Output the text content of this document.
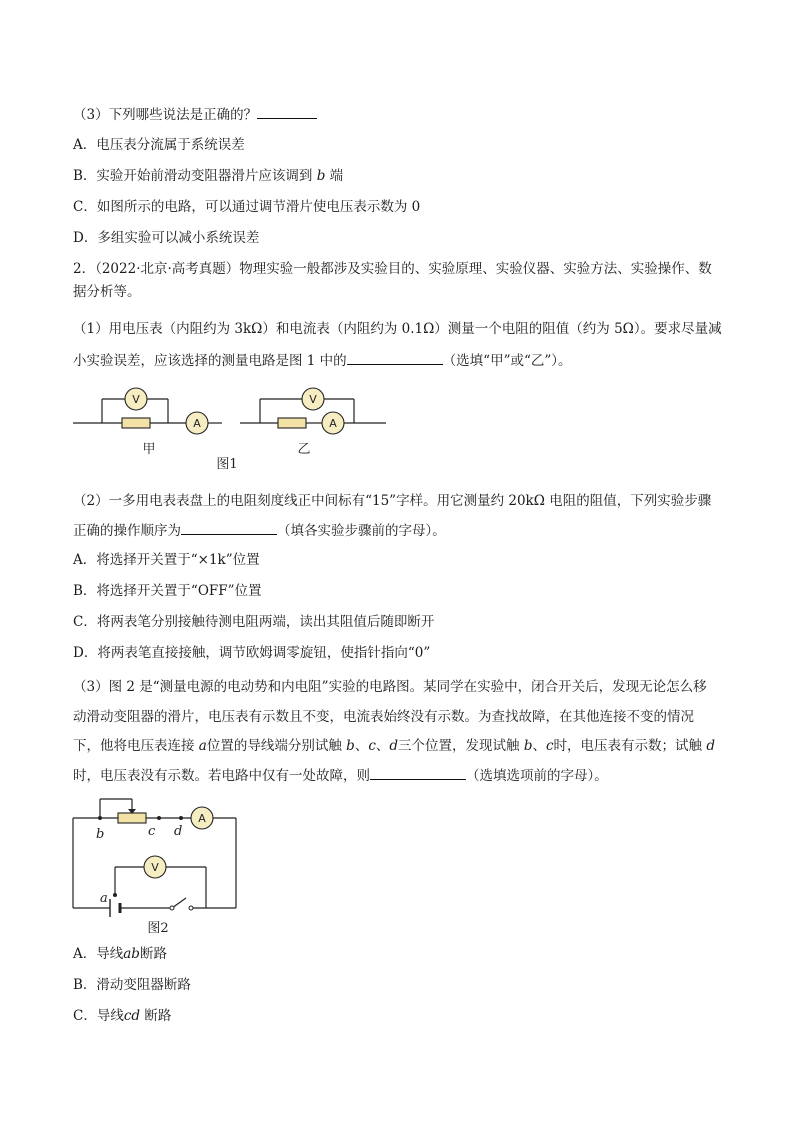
（3）下列哪些说法是正确的？
A．电压表分流属于系统误差
B．实验开始前滑动变阻器滑片应该调到 b 端
C．如图所示的电路，可以通过调节滑片使电压表示数为 0
D．多组实验可以减小系统误差
2．（2022·北京·高考真题）物理实验一般都涉及实验目的、实验原理、实验仪器、实验方法、实验操作、数
据分析等。
（1）用电压表（内阻约为 3kΩ）和电流表（内阻约为 0.1Ω）测量一个电阻的阻值（约为 5Ω）。要求尽量减
小实验误差，应该选择的测量电路是图 1 中的	（选填“甲”或“乙”）。
V
A
甲
V
A
乙
图1
（2）一多用电表表盘上的电阻刻度线正中间标有“15”字样。用它测量约 20kΩ 电阻的阻值，下列实验步骤
正确的操作顺序为	（填各实验步骤前的字母）。
A．将选择开关置于“×1k”位置
B．将选择开关置于“OFF”位置
C．将两表笔分别接触待测电阻两端，读出其阻值后随即断开
D．将两表笔直接接触，调节欧姆调零旋钮，使指针指向“0”
（3）图 2 是“测量电源的电动势和内电阻”实验的电路图。某同学在实验中，闭合开关后，发现无论怎么移
动滑动变阻器的滑片，电压表有示数且不变，电流表始终没有示数。为查找故障，在其他连接不变的情况
下，他将电压表连接 a位置的导线端分别试触 b、c、d三个位置，发现试触 b、c时，电压表有示数；试触 d
时，电压表没有示数。若电路中仅有一处故障，则	（选填选项前的字母）。
A
V
b	c d
a
图2
A．导线ab断路
B．滑动变阻器断路
C．导线cd 断路
